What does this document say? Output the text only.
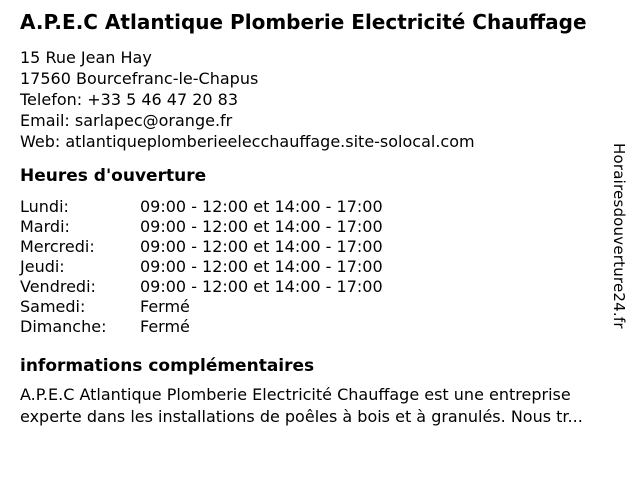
A.P.E.C Atlantique Plomberie Electricité Chauffage
15 Rue Jean Hay
17560 Bourcefranc-le-Chapus
Telefon: +33 5 46 47 20 83
Email: sarlapec@orange.fr
Web: atlantiqueplomberieelecchauffage.site-solocal.com
Heures d'ouverture
Lundi:	09:00 - 12:00 et 14:00 - 17:00
Mardi:	09:00 - 12:00 et 14:00 - 17:00
Mercredi:	09:00 - 12:00 et 14:00 - 17:00
Jeudi:	09:00 - 12:00 et 14:00 - 17:00
Vendredi:	09:00 - 12:00 et 14:00 - 17:00
Samedi:	Fermé
Dimanche: Fermé
informations complémentaires

A.P.E.C Atlantique Plomberie Electricité Chauffage est une entreprise experte dans les installations de poêles à bois et à granulés. Nous tr...

Horairesdouverture24.fr
